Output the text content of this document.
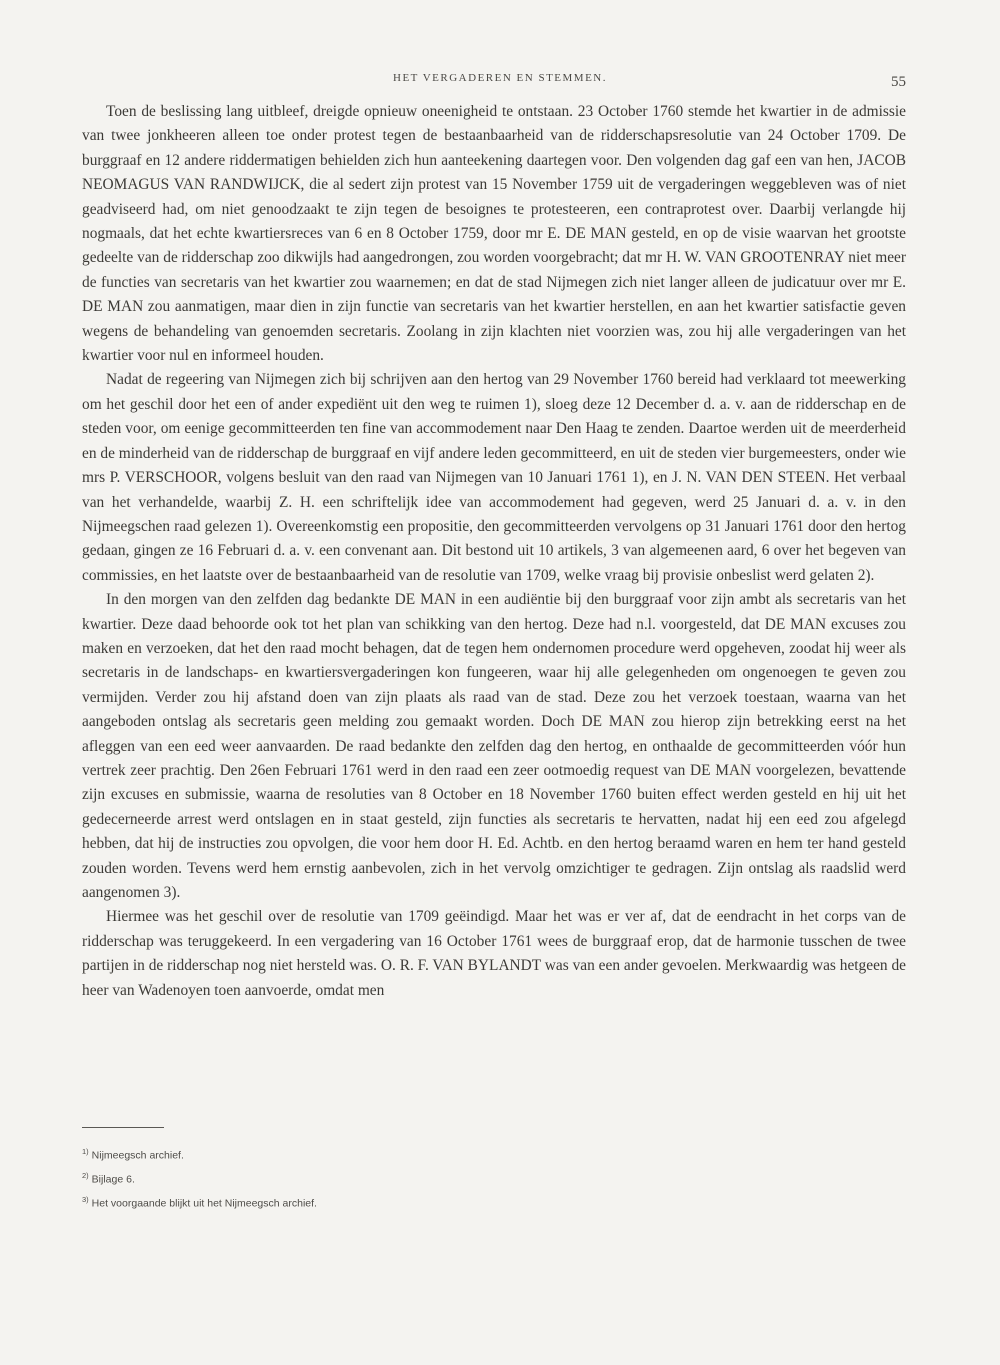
HET VERGADEREN EN STEMMEN.	55

Toen de beslissing lang uitbleef, dreigde opnieuw oneenigheid te ontstaan. 23 October 1760 stemde het kwartier in de admissie van twee jonkheeren alleen toe onder protest tegen de bestaanbaarheid van de ridderschapsresolutie van 24 October 1709. De burggraaf en 12 andere riddermatigen behielden zich hun aanteekening daartegen voor. Den volgenden dag gaf een van hen, JACOB NEOMAGUS VAN RANDWIJCK, die al sedert zijn protest van 15 November 1759 uit de vergaderingen weggebleven was of niet geadviseerd had, om niet genoodzaakt te zijn tegen de besoignes te protesteeren, een contraprotest over. Daarbij verlangde hij nogmaals, dat het echte kwartiersreces van 6 en 8 October 1759, door mr E. DE MAN gesteld, en op de visie waarvan het grootste gedeelte van de ridderschap zoo dikwijls had aangedrongen, zou worden voorgebracht; dat mr H. W. VAN GROOTENRAY niet meer de functies van secretaris van het kwartier zou waarnemen; en dat de stad Nijmegen zich niet langer alleen de judicatuur over mr E. DE MAN zou aanmatigen, maar dien in zijn functie van secretaris van het kwartier herstellen, en aan het kwartier satisfactie geven wegens de behandeling van genoemden secretaris. Zoolang in zijn klachten niet voorzien was, zou hij alle vergaderingen van het kwartier voor nul en informeel houden.

Nadat de regeering van Nijmegen zich bij schrijven aan den hertog van 29 November 1760 bereid had verklaard tot meewerking om het geschil door het een of ander expediënt uit den weg te ruimen 1), sloeg deze 12 December d. a. v. aan de ridderschap en de steden voor, om eenige gecommitteerden ten fine van accommodement naar Den Haag te zenden. Daartoe werden uit de meerderheid en de minderheid van de ridderschap de burggraaf en vijf andere leden gecommitteerd, en uit de steden vier burgemeesters, onder wie mrs P. VERSCHOOR, volgens besluit van den raad van Nijmegen van 10 Januari 1761 1), en J. N. VAN DEN STEEN. Het verbaal van het verhandelde, waarbij Z. H. een schriftelijk idee van accommodement had gegeven, werd 25 Januari d. a. v. in den Nijmeegschen raad gelezen 1). Overeenkomstig een propositie, den gecommitteerden vervolgens op 31 Januari 1761 door den hertog gedaan, gingen ze 16 Februari d. a. v. een convenant aan. Dit bestond uit 10 artikels, 3 van algemeenen aard, 6 over het begeven van commissies, en het laatste over de bestaanbaarheid van de resolutie van 1709, welke vraag bij provisie onbeslist werd gelaten 2).

In den morgen van den zelfden dag bedankte DE MAN in een audiëntie bij den burggraaf voor zijn ambt als secretaris van het kwartier. Deze daad behoorde ook tot het plan van schikking van den hertog. Deze had n.l. voorgesteld, dat DE MAN excuses zou maken en verzoeken, dat het den raad mocht behagen, dat de tegen hem ondernomen procedure werd opgeheven, zoodat hij weer als secretaris in de landschaps- en kwartiersvergaderingen kon fungeeren, waar hij alle gelegenheden om ongenoegen te geven zou vermijden. Verder zou hij afstand doen van zijn plaats als raad van de stad. Deze zou het verzoek toestaan, waarna van het aangeboden ontslag als secretaris geen melding zou gemaakt worden. Doch DE MAN zou hierop zijn betrekking eerst na het afleggen van een eed weer aanvaarden. De raad bedankte den zelfden dag den hertog, en onthaalde de gecommitteerden vóór hun vertrek zeer prachtig. Den 26en Februari 1761 werd in den raad een zeer ootmoedig request van DE MAN voorgelezen, bevattende zijn excuses en submissie, waarna de resoluties van 8 October en 18 November 1760 buiten effect werden gesteld en hij uit het gedecerneerde arrest werd ontslagen en in staat gesteld, zijn functies als secretaris te hervatten, nadat hij een eed zou afgelegd hebben, dat hij de instructies zou opvolgen, die voor hem door H. Ed. Achtb. en den hertog beraamd waren en hem ter hand gesteld zouden worden. Tevens werd hem ernstig aanbevolen, zich in het vervolg omzichtiger te gedragen. Zijn ontslag als raadslid werd aangenomen 3).

Hiermee was het geschil over de resolutie van 1709 geëindigd. Maar het was er ver af, dat de eendracht in het corps van de ridderschap was teruggekeerd. In een vergadering van 16 October 1761 wees de burggraaf erop, dat de harmonie tusschen de twee partijen in de ridderschap nog niet hersteld was. O. R. F. VAN BYLANDT was van een ander gevoelen. Merkwaardig was hetgeen de heer van Wadenoyen toen aanvoerde, omdat men

$^{1)}$ Nijmeegsch archief.

$^{2)}$ Bijlage 6.

$^{3)}$ Het voorgaande blijkt uit het Nijmeegsch archief.
